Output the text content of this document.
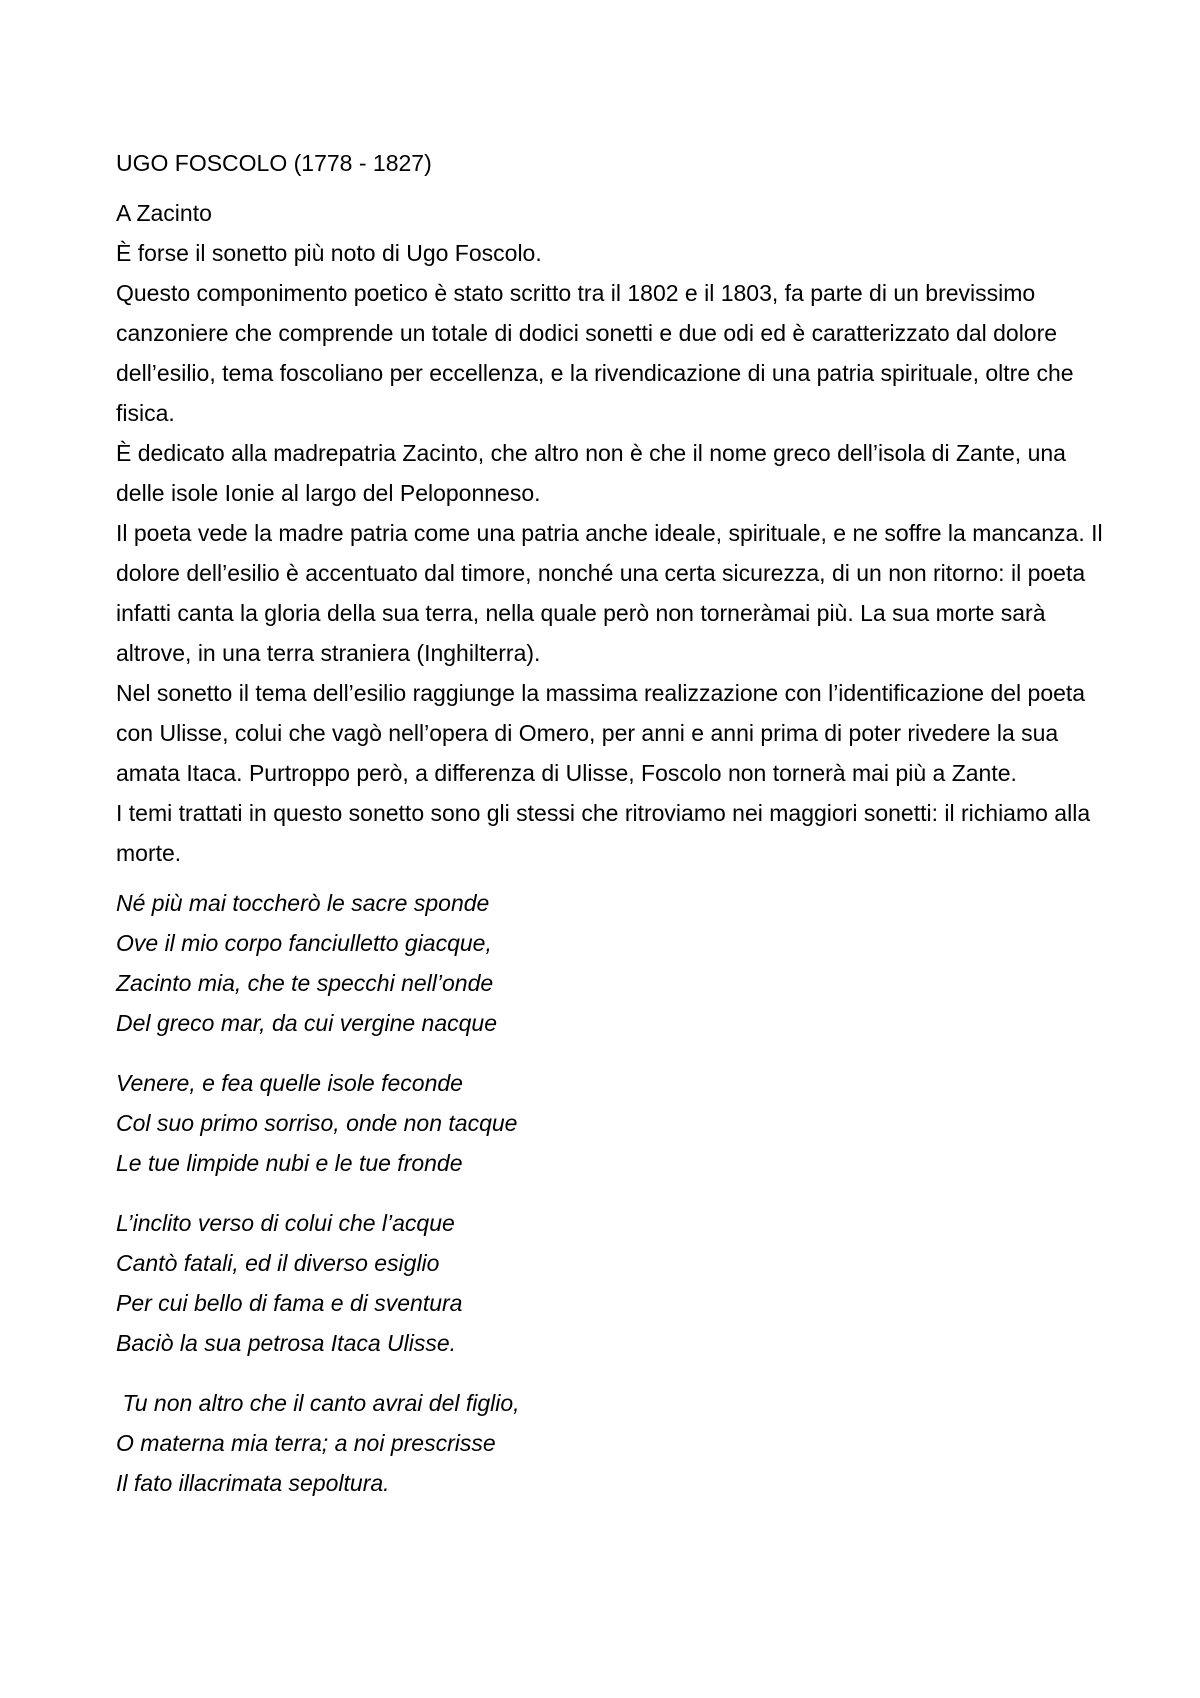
UGO FOSCOLO (1778 - 1827)

A Zacinto

È forse il sonetto più noto di Ugo Foscolo.

Questo componimento poetico è stato scritto tra il 1802 e il 1803, fa parte di un brevissimo canzoniere che comprende un totale di dodici sonetti e due odi ed è caratterizzato dal dolore dell’esilio, tema foscoliano per eccellenza, e la rivendicazione di una patria spirituale, oltre che fisica.

È dedicato alla madrepatria Zacinto, che altro non è che il nome greco dell’isola di Zante, una delle isole Ionie al largo del Peloponneso.

Il poeta vede la madre patria come una patria anche ideale, spirituale, e ne soffre la mancanza. Il dolore dell’esilio è accentuato dal timore, nonché una certa sicurezza, di un non ritorno: il poeta infatti canta la gloria della sua terra, nella quale però non torneràmai più. La sua morte sarà altrove, in una terra straniera (Inghilterra).

Nel sonetto il tema dell’esilio raggiunge la massima realizzazione con l’identificazione del poeta con Ulisse, colui che vagò nell’opera di Omero, per anni e anni prima di poter rivedere la sua amata Itaca. Purtroppo però, a differenza di Ulisse, Foscolo non tornerà mai più a Zante.

I temi trattati in questo sonetto sono gli stessi che ritroviamo nei maggiori sonetti: il richiamo alla morte.

Né più mai toccherò le sacre sponde
Ove il mio corpo fanciulletto giacque,
Zacinto mia, che te specchi nell’onde
Del greco mar, da cui vergine nacque
Venere, e fea quelle isole feconde
Col suo primo sorriso, onde non tacque
Le tue limpide nubi e le tue fronde
L’inclito verso di colui che l’acque
Cantò fatali, ed il diverso esiglio
Per cui bello di fama e di sventura
Baciò la sua petrosa Itaca Ulisse.
Tu non altro che il canto avrai del figlio,
O materna mia terra; a noi prescrisse
Il fato illacrimata sepoltura.
